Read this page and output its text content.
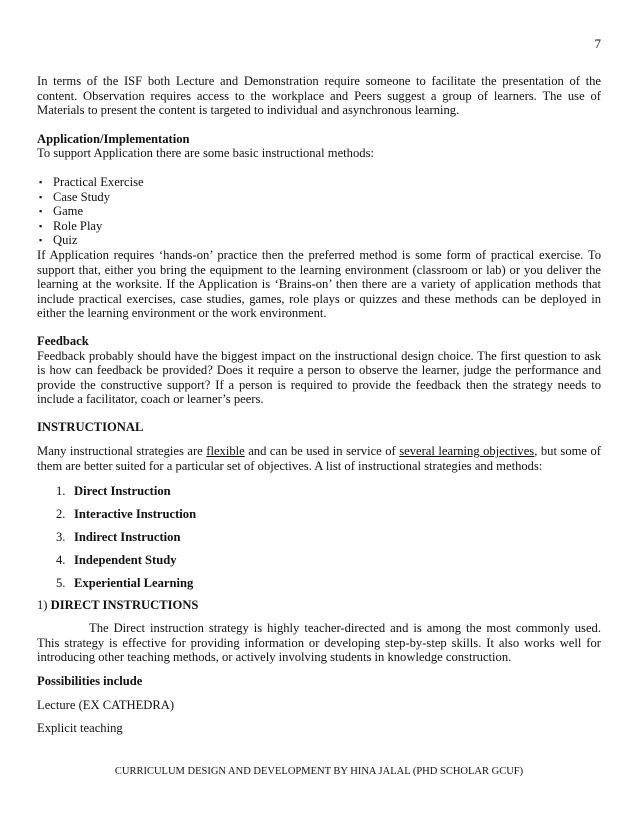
7

In terms of the ISF both Lecture and Demonstration require someone to facilitate the presentation of the content. Observation requires access to the workplace and Peers suggest a group of learners. The use of Materials to present the content is targeted to individual and asynchronous learning.

Application/Implementation

To support Application there are some basic instructional methods:

▪ Practical Exercise
▪ Case Study
▪ Game
▪ Role Play
▪ Quiz

If Application requires ‘hands-on’ practice then the preferred method is some form of practical exercise. To support that, either you bring the equipment to the learning environment (classroom or lab) or you deliver the learning at the worksite. If the Application is ‘Brains-on’ then there are a variety of application methods that include practical exercises, case studies, games, role plays or quizzes and these methods can be deployed in either the learning environment or the work environment.

Feedback

Feedback probably should have the biggest impact on the instructional design choice. The first question to ask is how can feedback be provided? Does it require a person to observe the learner, judge the performance and provide the constructive support? If a person is required to provide the feedback then the strategy needs to include a facilitator, coach or learner’s peers.

INSTRUCTIONAL

Many instructional strategies are flexible and can be used in service of several learning objectives, but some of them are better suited for a particular set of objectives. A list of instructional strategies and methods:

1. Direct Instruction
2. Interactive Instruction
3. Indirect Instruction
4. Independent Study
5. Experiential Learning

1) DIRECT INSTRUCTIONS

The Direct instruction strategy is highly teacher-directed and is among the most commonly used. This strategy is effective for providing information or developing step-by-step skills. It also works well for introducing other teaching methods, or actively involving students in knowledge construction.

Possibilities include

Lecture (EX CATHEDRA)

Explicit teaching

CURRICULUM DESIGN AND DEVELOPMENT BY HINA JALAL (PHD SCHOLAR GCUF)
